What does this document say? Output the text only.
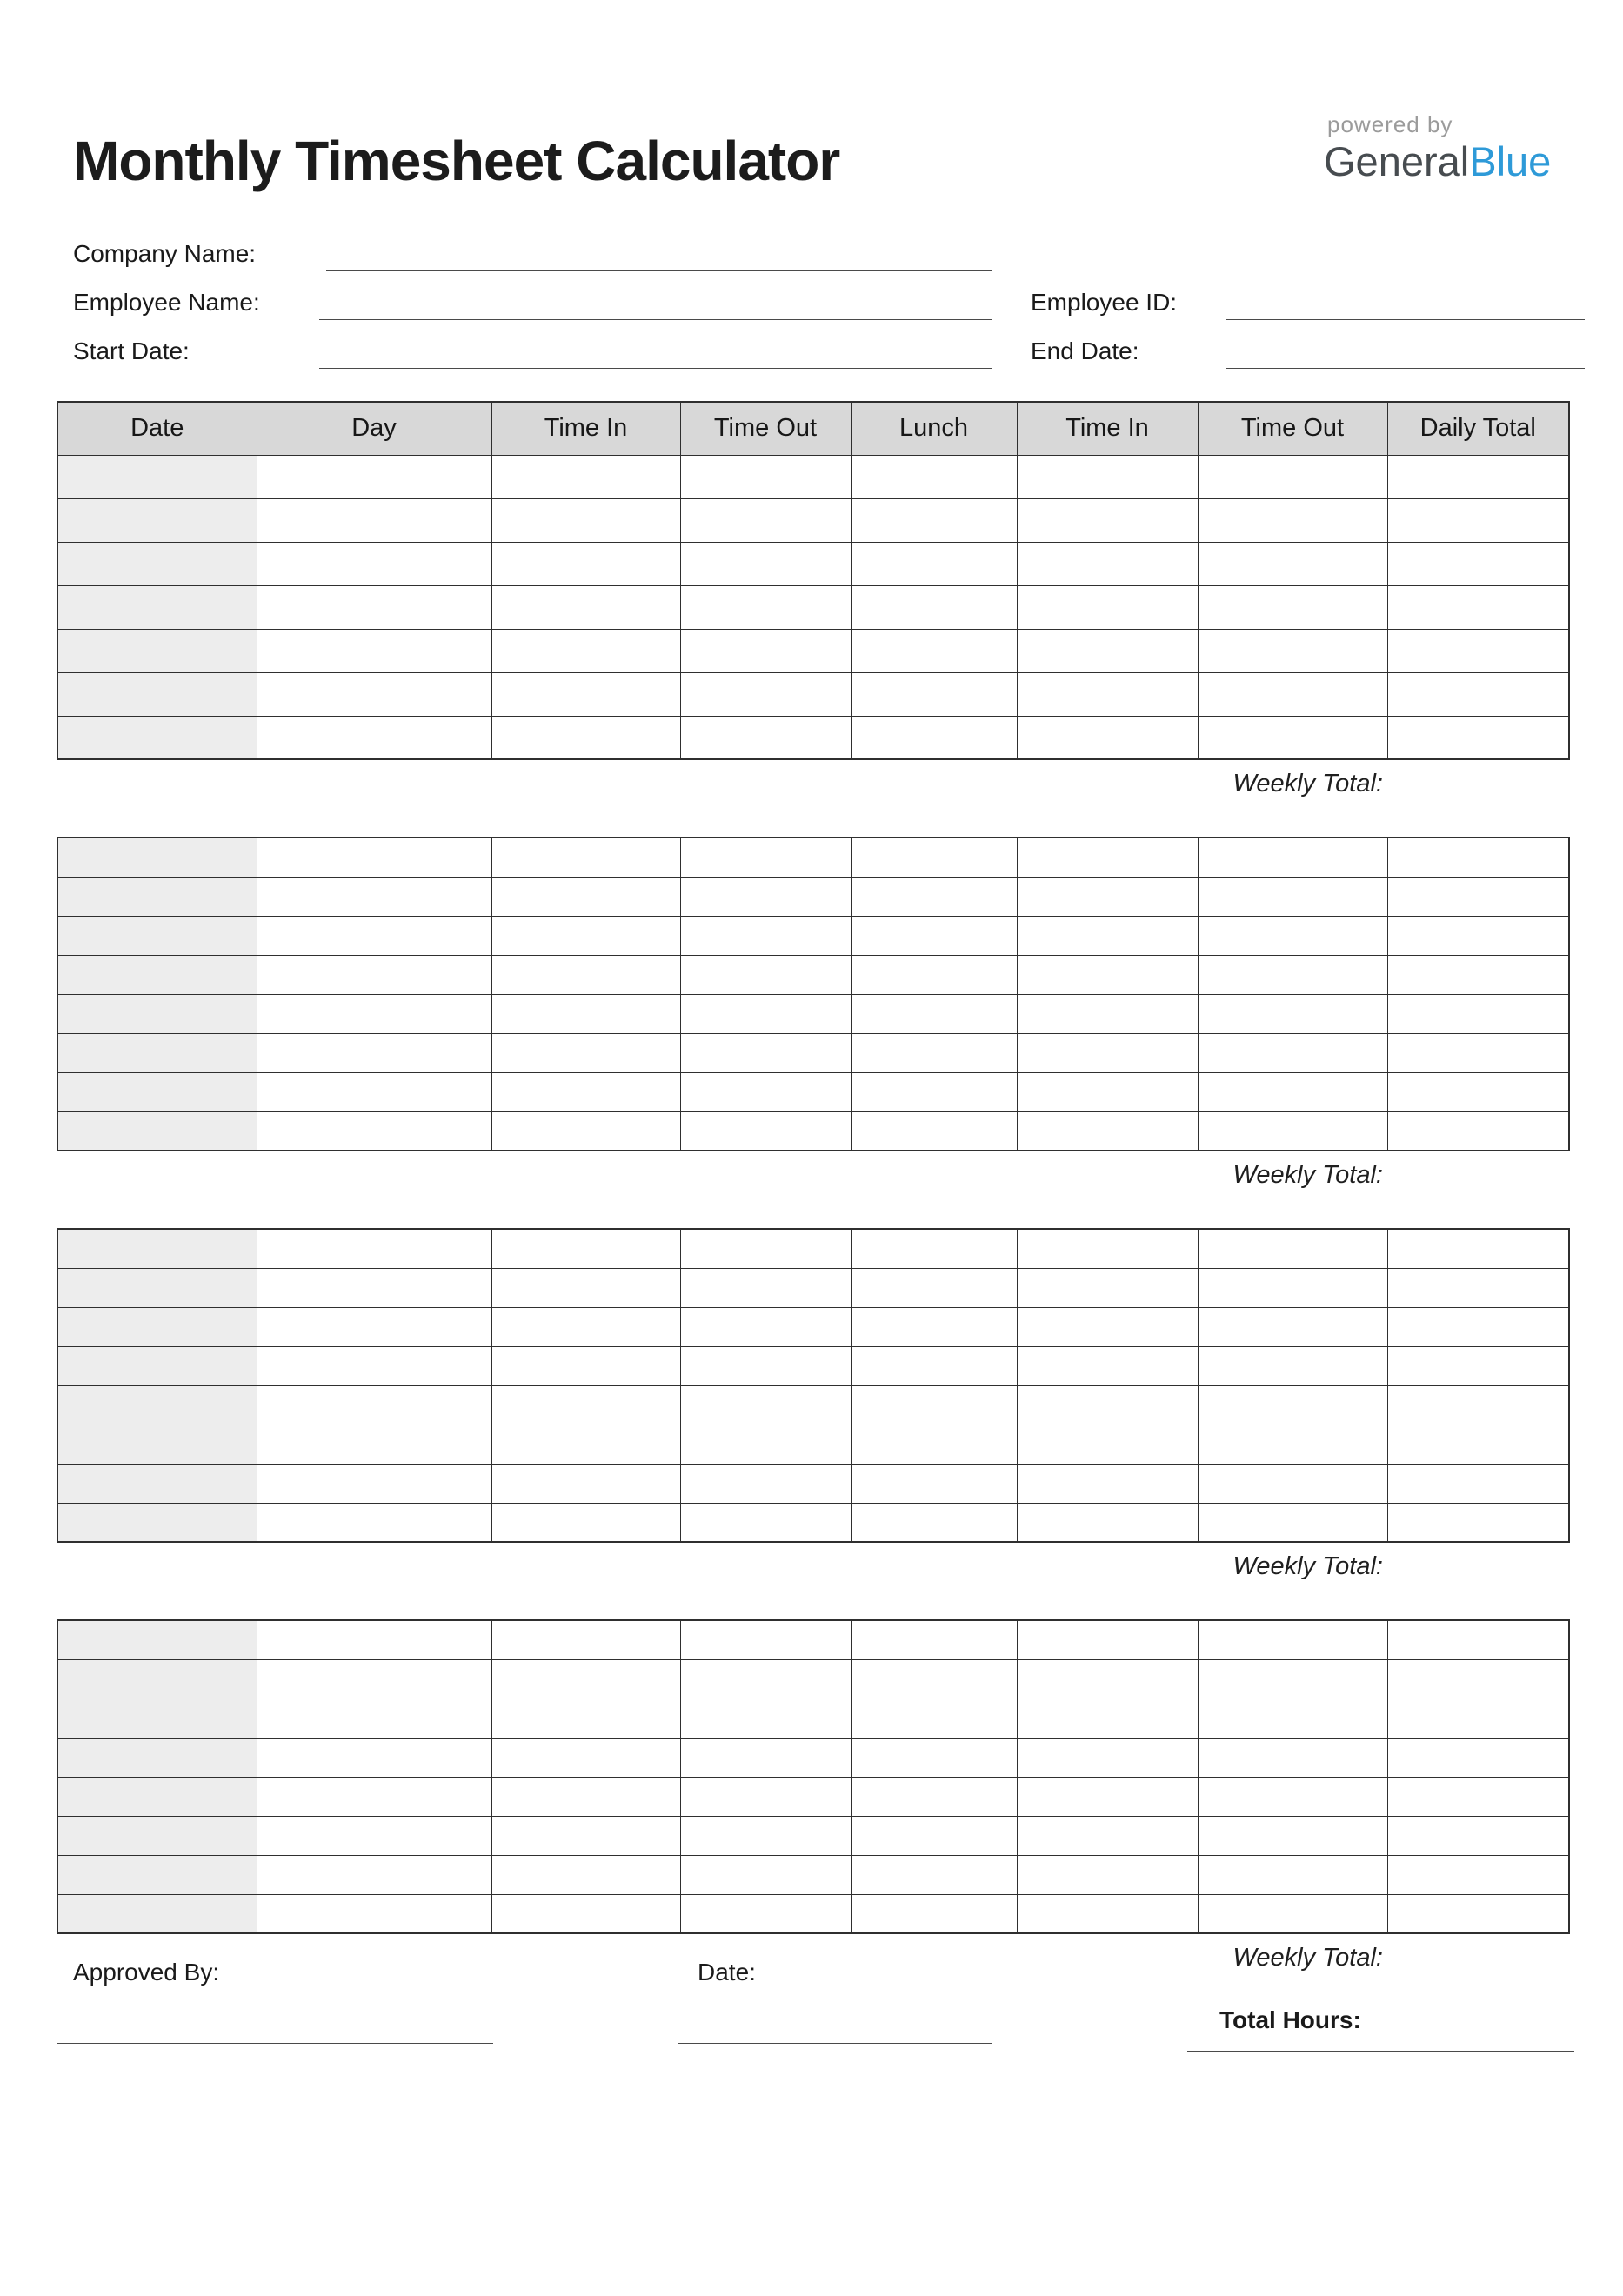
Monthly Timesheet Calculator
powered by
GeneralBlue
Company Name:
Employee Name:	Employee ID:
Start Date:	End Date:
Date	Day	Time In	Time Out	Lunch	Time In	Time Out	Daily Total

Weekly Total:

Weekly Total:

Weekly Total:

Weekly Total:
Approved By:	Date:
Total Hours:
